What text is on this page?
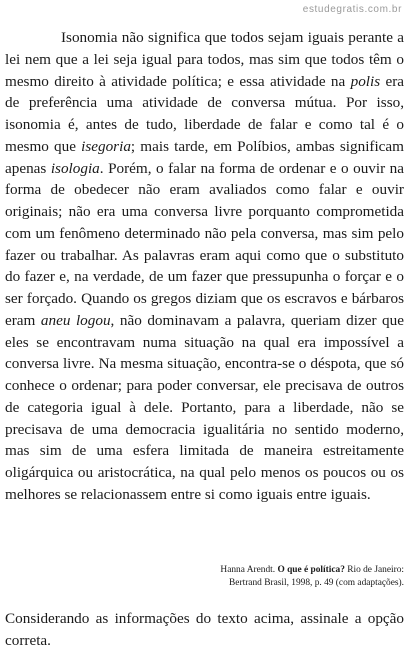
estudegratis.com.br

Isonomia não significa que todos sejam iguais perante a lei nem que a lei seja igual para todos, mas sim que todos têm o mesmo direito à atividade política; e essa atividade na polis era de preferência uma atividade de conversa mútua. Por isso, isonomia é, antes de tudo, liberdade de falar e como tal é o mesmo que isegoria; mais tarde, em Políbios, ambas significam apenas isologia. Porém, o falar na forma de ordenar e o ouvir na forma de obedecer não eram avaliados como falar e ouvir originais; não era uma conversa livre porquanto comprometida com um fenômeno determinado não pela conversa, mas sim pelo fazer ou trabalhar. As palavras eram aqui como que o substituto do fazer e, na verdade, de um fazer que pressupunha o forçar e o ser forçado. Quando os gregos diziam que os escravos e bárbaros eram aneu logou, não dominavam a palavra, queriam dizer que eles se encontravam numa situação na qual era impossível a conversa livre. Na mesma situação, encontra-se o déspota, que só conhece o ordenar; para poder conversar, ele precisava de outros de categoria igual à dele. Portanto, para a liberdade, não se precisava de uma democracia igualitária no sentido moderno, mas sim de uma esfera limitada de maneira estreitamente oligárquica ou aristocrática, na qual pelo menos os poucos ou os melhores se relacionassem entre si como iguais entre iguais.

Hanna Arendt. O que é política? Rio de Janeiro: Bertrand Brasil, 1998, p. 49 (com adaptações).

Considerando as informações do texto acima, assinale a opção correta.
